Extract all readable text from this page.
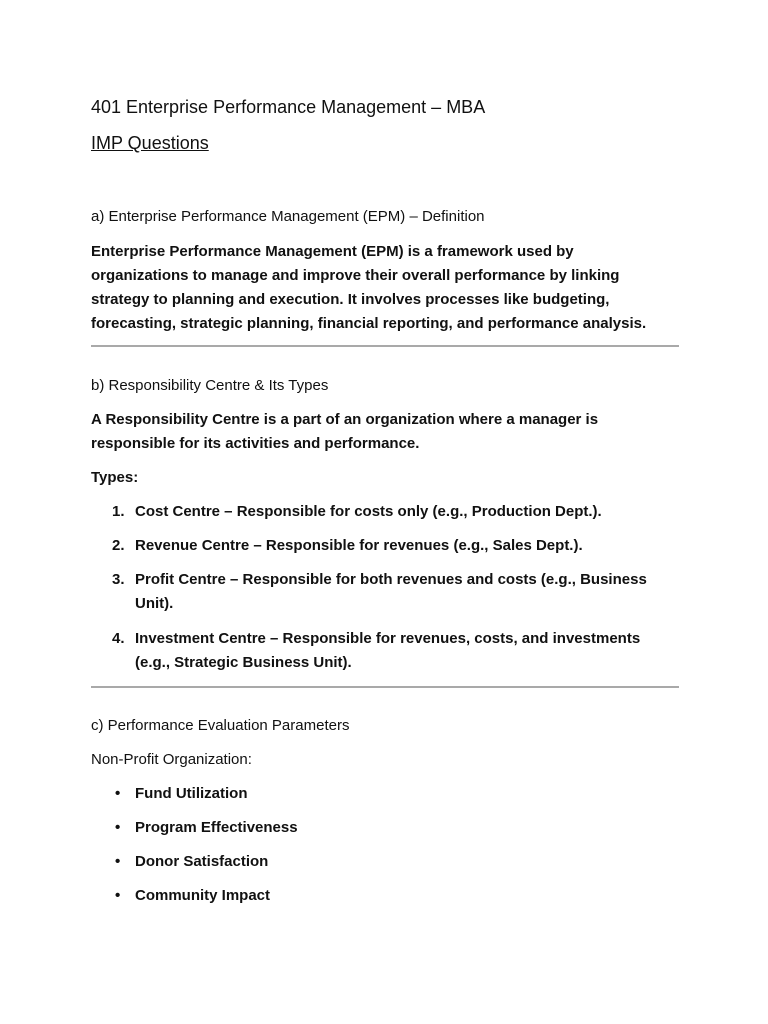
401 Enterprise Performance Management – MBA
IMP Questions
a) Enterprise Performance Management (EPM) – Definition
Enterprise Performance Management (EPM) is a framework used by
organizations to manage and improve their overall performance by linking
strategy to planning and execution. It involves processes like budgeting,
forecasting, strategic planning, financial reporting, and performance analysis.
b) Responsibility Centre & Its Types
A Responsibility Centre is a part of an organization where a manager is
responsible for its activities and performance.
Types:
1. Cost Centre – Responsible for costs only (e.g., Production Dept.).
2. Revenue Centre – Responsible for revenues (e.g., Sales Dept.).
3. Profit Centre – Responsible for both revenues and costs (e.g., Business
Unit).
4. Investment Centre – Responsible for revenues, costs, and investments
(e.g., Strategic Business Unit).
c) Performance Evaluation Parameters
Non-Profit Organization:
• Fund Utilization
• Program Effectiveness
• Donor Satisfaction
• Community Impact
